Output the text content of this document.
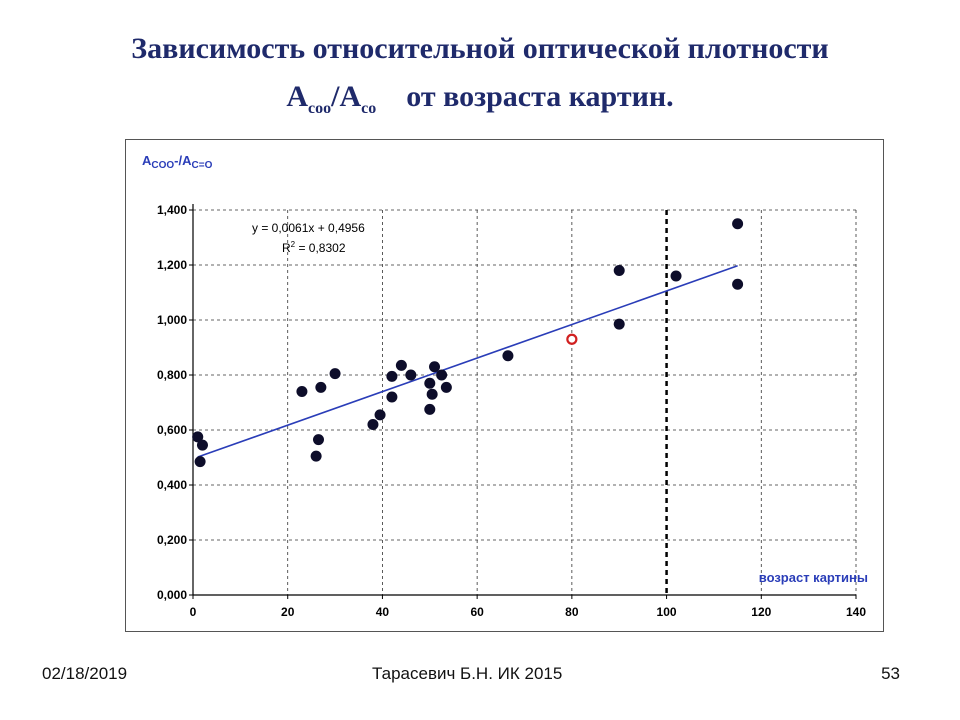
Зависимость относительной оптической плотности
$A_{coo}/A_{co}$ от возраста картин.
0,000
0,200
0,400
0,600
0,800
1,000
1,200
1,400
0	20	40	60	80	100	120	140
$A_{COO}-/A_{C=O}$
возраст картины
y = 0,0061x + 0,4956
$R^2 = 0,8302$
02/18/2019	Тарасевич Б.Н. ИК 2015	53
